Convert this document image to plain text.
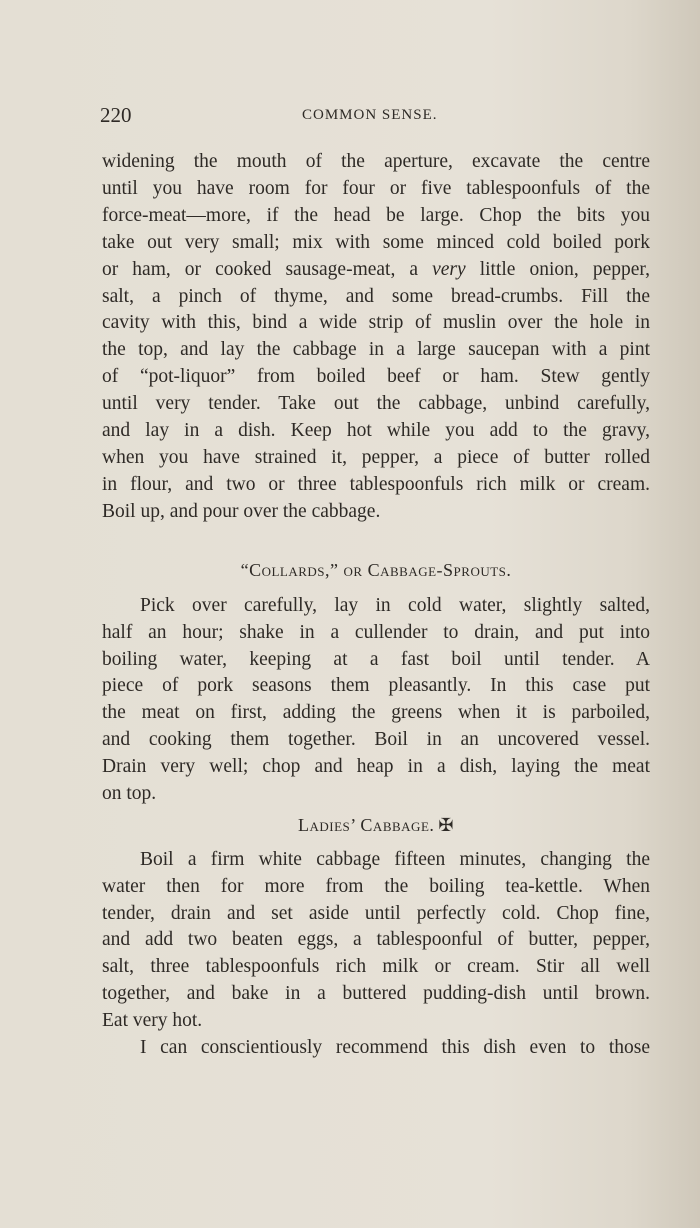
220	COMMON SENSE.
widening the mouth of the aperture, excavate the centre
until you have room for four or five tablespoonfuls of the
force-meat—more, if the head be large. Chop the bits you
take out very small; mix with some minced cold boiled pork
or ham, or cooked sausage-meat, a very little onion, pepper,
salt, a pinch of thyme, and some bread-crumbs. Fill the
cavity with this, bind a wide strip of muslin over the hole in
the top, and lay the cabbage in a large saucepan with a pint
of “pot-liquor” from boiled beef or ham. Stew gently
until very tender. Take out the cabbage, unbind carefully,
and lay in a dish. Keep hot while you add to the gravy,
when you have strained it, pepper, a piece of butter rolled
in flour, and two or three tablespoonfuls rich milk or cream.
Boil up, and pour over the cabbage.
“Collards,” or Cabbage-Sprouts.
Pick over carefully, lay in cold water, slightly salted,
half an hour; shake in a cullender to drain, and put into
boiling water, keeping at a fast boil until tender. A
piece of pork seasons them pleasantly. In this case put
the meat on first, adding the greens when it is parboiled,
and cooking them together. Boil in an uncovered vessel.
Drain very well; chop and heap in a dish, laying the meat
on top.
Ladies’ Cabbage. ✠
Boil a firm white cabbage fifteen minutes, changing the
water then for more from the boiling tea-kettle. When
tender, drain and set aside until perfectly cold. Chop fine,
and add two beaten eggs, a tablespoonful of butter, pepper,
salt, three tablespoonfuls rich milk or cream. Stir all well
together, and bake in a buttered pudding-dish until brown.
Eat very hot.
I can conscientiously recommend this dish even to those
